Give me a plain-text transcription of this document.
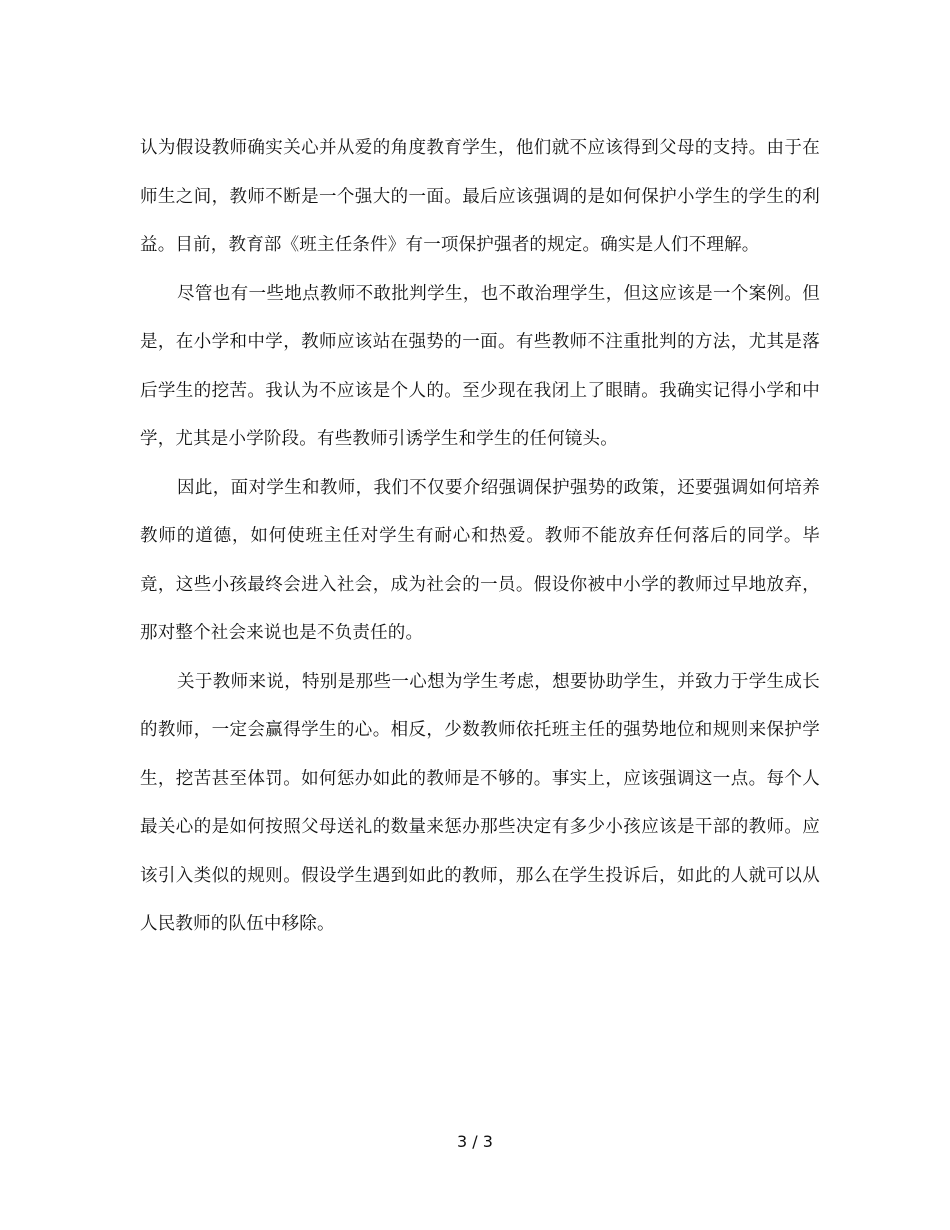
认为假设教师确实关心并从爱的角度教育学生，他们就不应该得到父母的支持。由于在师生之间，教师不断是一个强大的一面。最后应该强调的是如何保护小学生的学生的利益。目前，教育部《班主任条件》有一项保护强者的规定。确实是人们不理解。

尽管也有一些地点教师不敢批判学生，也不敢治理学生，但这应该是一个案例。但是，在小学和中学，教师应该站在强势的一面。有些教师不注重批判的方法，尤其是落后学生的挖苦。我认为不应该是个人的。至少现在我闭上了眼睛。我确实记得小学和中学，尤其是小学阶段。有些教师引诱学生和学生的任何镜头。

因此，面对学生和教师，我们不仅要介绍强调保护强势的政策，还要强调如何培养教师的道德，如何使班主任对学生有耐心和热爱。教师不能放弃任何落后的同学。毕竟，这些小孩最终会进入社会，成为社会的一员。假设你被中小学的教师过早地放弃，那对整个社会来说也是不负责任的。

关于教师来说，特别是那些一心想为学生考虑，想要协助学生，并致力于学生成长的教师，一定会赢得学生的心。相反，少数教师依托班主任的强势地位和规则来保护学生，挖苦甚至体罚。如何惩办如此的教师是不够的。事实上，应该强调这一点。每个人最关心的是如何按照父母送礼的数量来惩办那些决定有多少小孩应该是干部的教师。应该引入类似的规则。假设学生遇到如此的教师，那么在学生投诉后，如此的人就可以从人民教师的队伍中移除。

3 / 3
